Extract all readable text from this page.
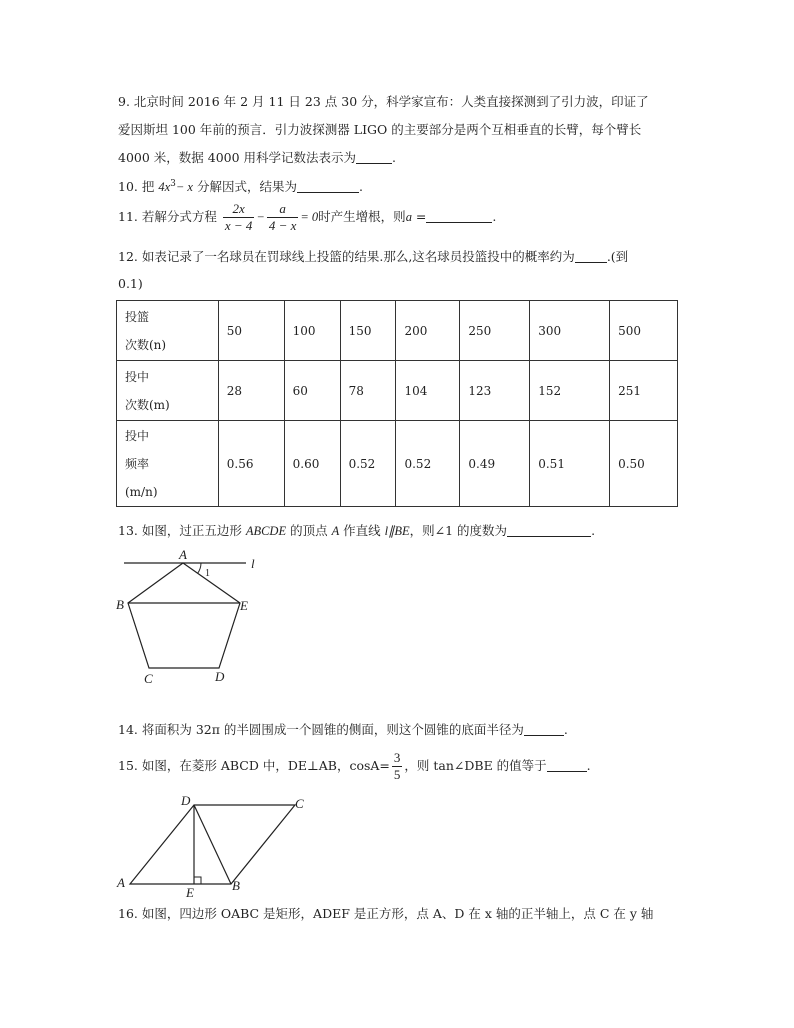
9. 北京时间 2016 年 2 月 11 日 23 点 30 分，科学家宣布：人类直接探测到了引力波，印证了
爱因斯坦 100 年前的预言．引力波探测器 LIGO 的主要部分是两个互相垂直的长臂，每个臂长
4000 米，数据 4000 用科学记数法表示为	.
10. 把 $4x^3- x$ 分解因式，结果为	.
11. 若解分式方程 $\frac{2x}{x - 4} - \frac{a}{4 - x} = 0$时产生增根，则a =	.
12. 如表记录了一名球员在罚球线上投篮的结果.那么,这名球员投篮投中的概率约为	.(到
0.1)
投篮
次数(n)	50	100	150	200	250	300	500

投中
次数(m)	28	60	78	104	123	152	251

投中
频率
(m/n)	0.56	0.60	0.52	0.52	0.49	0.51	0.50
13. 如图，过正五边形 ABCDE 的顶点 A 作直线 l∥BE，则∠1 的度数为	.
A
B
C	D
E
l
1
14. 将面积为 32π 的半圆围成一个圆锥的侧面，则这个圆锥的底面半径为	.
15. 如图，在菱形 ABCD 中，DE⊥AB，$\cos A= \frac{3}{5}$ ，则 tan∠DBE 的值等于	.
A	B
C
D
E
16. 如图，四边形 OABC 是矩形，ADEF 是正方形，点 A、D 在 x 轴的正半轴上，点 C 在 y 轴
